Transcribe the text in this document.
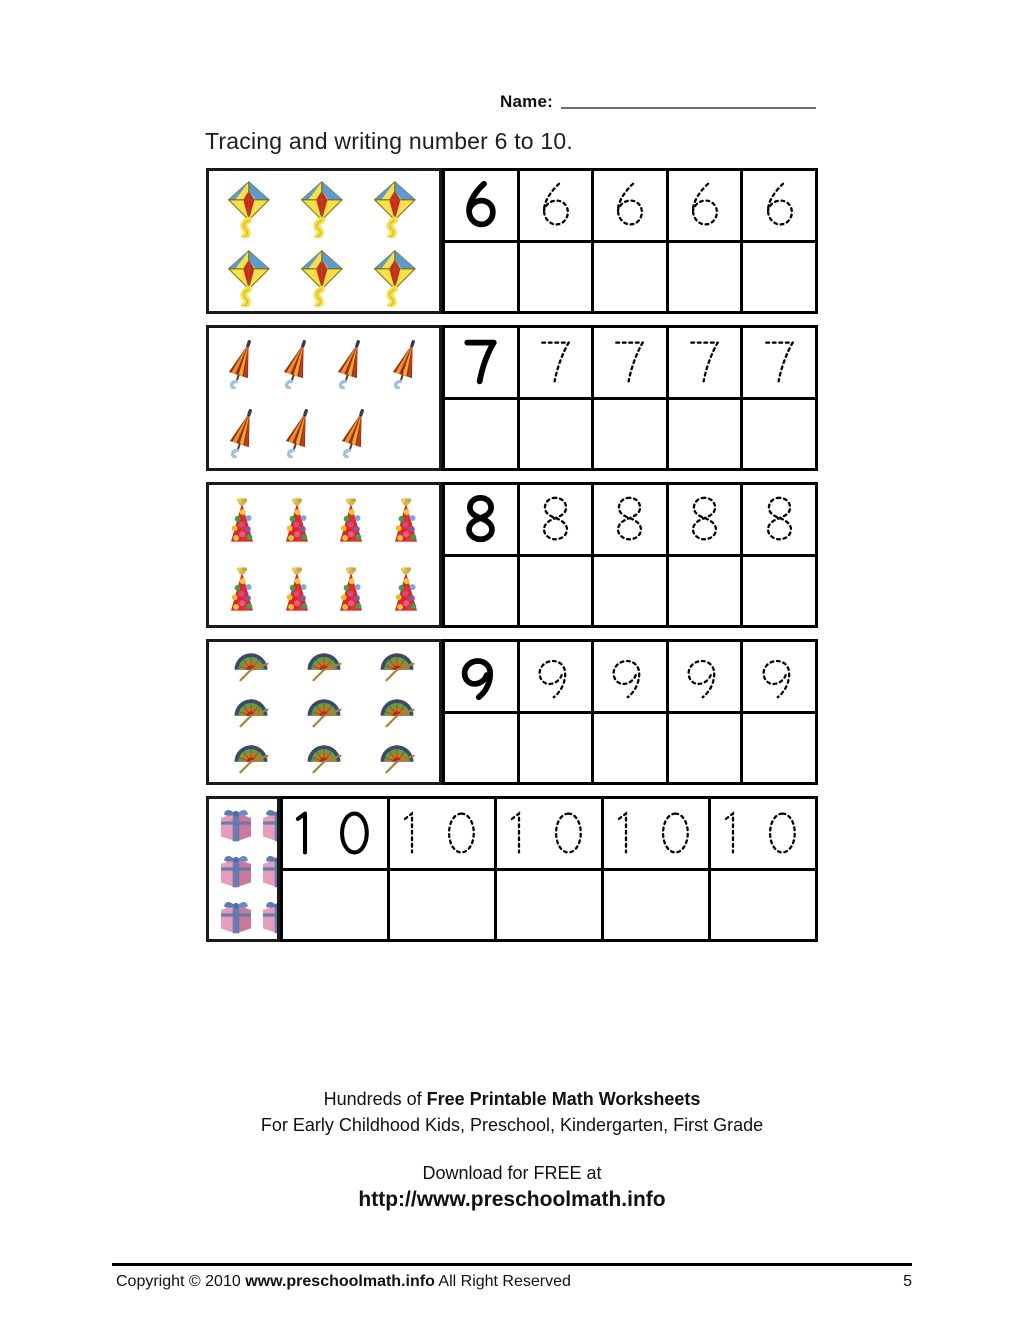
Name:
Tracing and writing number 6 to 10.
Hundreds of Free Printable Math Worksheets
For Early Childhood Kids, Preschool, Kindergarten, First Grade
Download for FREE at
http://www.preschoolmath.info
Copyright © 2010 www.preschoolmath.info All Right Reserved	5
